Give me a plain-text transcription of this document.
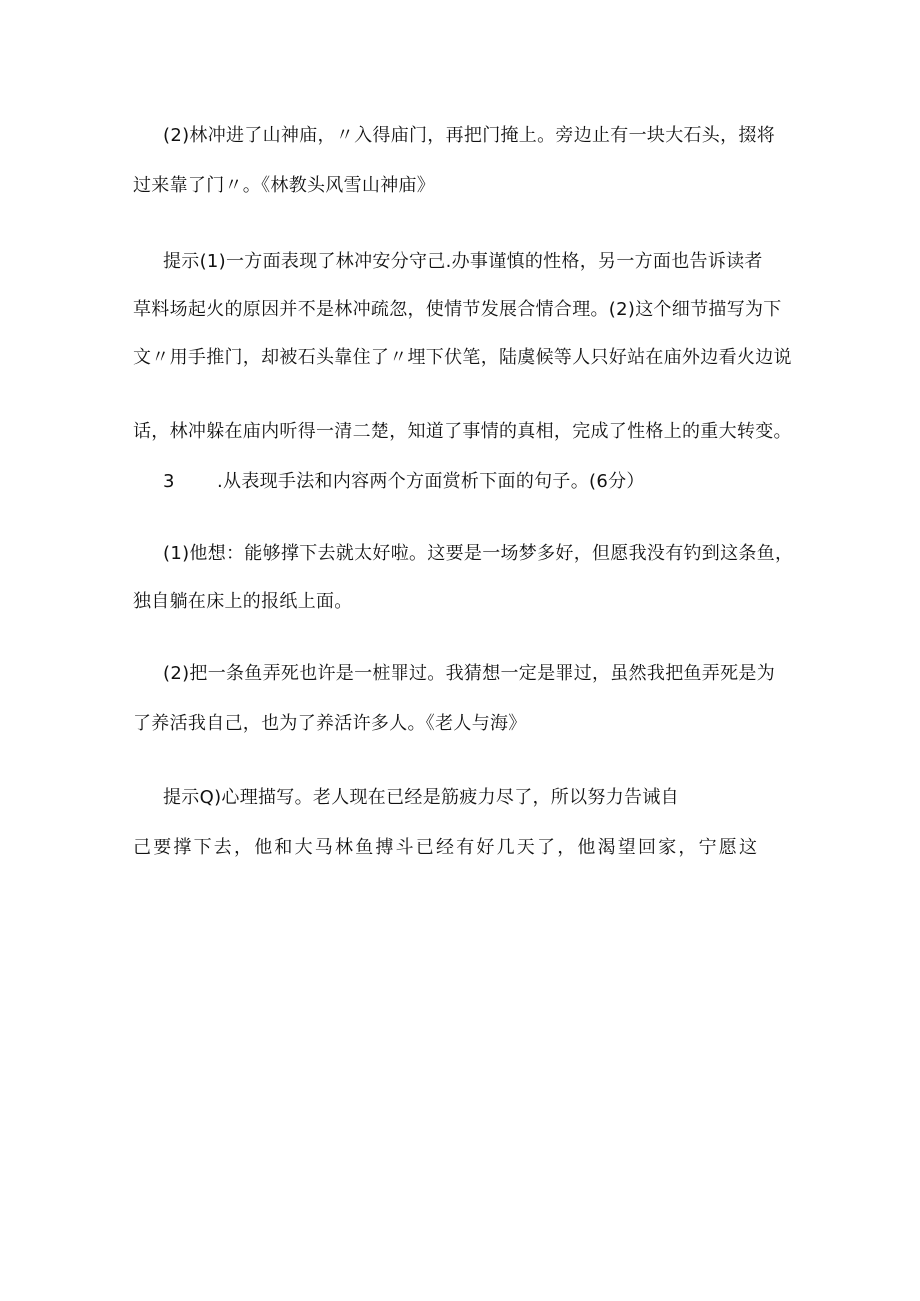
(2)林冲进了山神庙，〃入得庙门，再把门掩上。旁边止有一块大石头，掇将
过来靠了门〃。《林教头风雪山神庙》
提示(1)一方面表现了林冲安分守己.办事谨慎的性格，另一方面也告诉读者
草料场起火的原因并不是林冲疏忽，使情节发展合情合理。(2)这个细节描写为下
文〃用手推门，却被石头靠住了〃埋下伏笔，陆虞候等人只好站在庙外边看火边说
话，林冲躲在庙内听得一清二楚，知道了事情的真相，完成了性格上的重大转变。
3 .从表现手法和内容两个方面赏析下面的句子。(6分）
(1)他想：能够撑下去就太好啦。这要是一场梦多好，但愿我没有钓到这条鱼，
独自躺在床上的报纸上面。
(2)把一条鱼弄死也许是一桩罪过。我猜想一定是罪过，虽然我把鱼弄死是为
了养活我自己，也为了养活许多人。《老人与海》
提示Q)心理描写。老人现在已经是筋疲力尽了，所以努力告诫自
己要撑下去，他和大马林鱼搏斗已经有好几天了，他渴望回家，宁愿这
